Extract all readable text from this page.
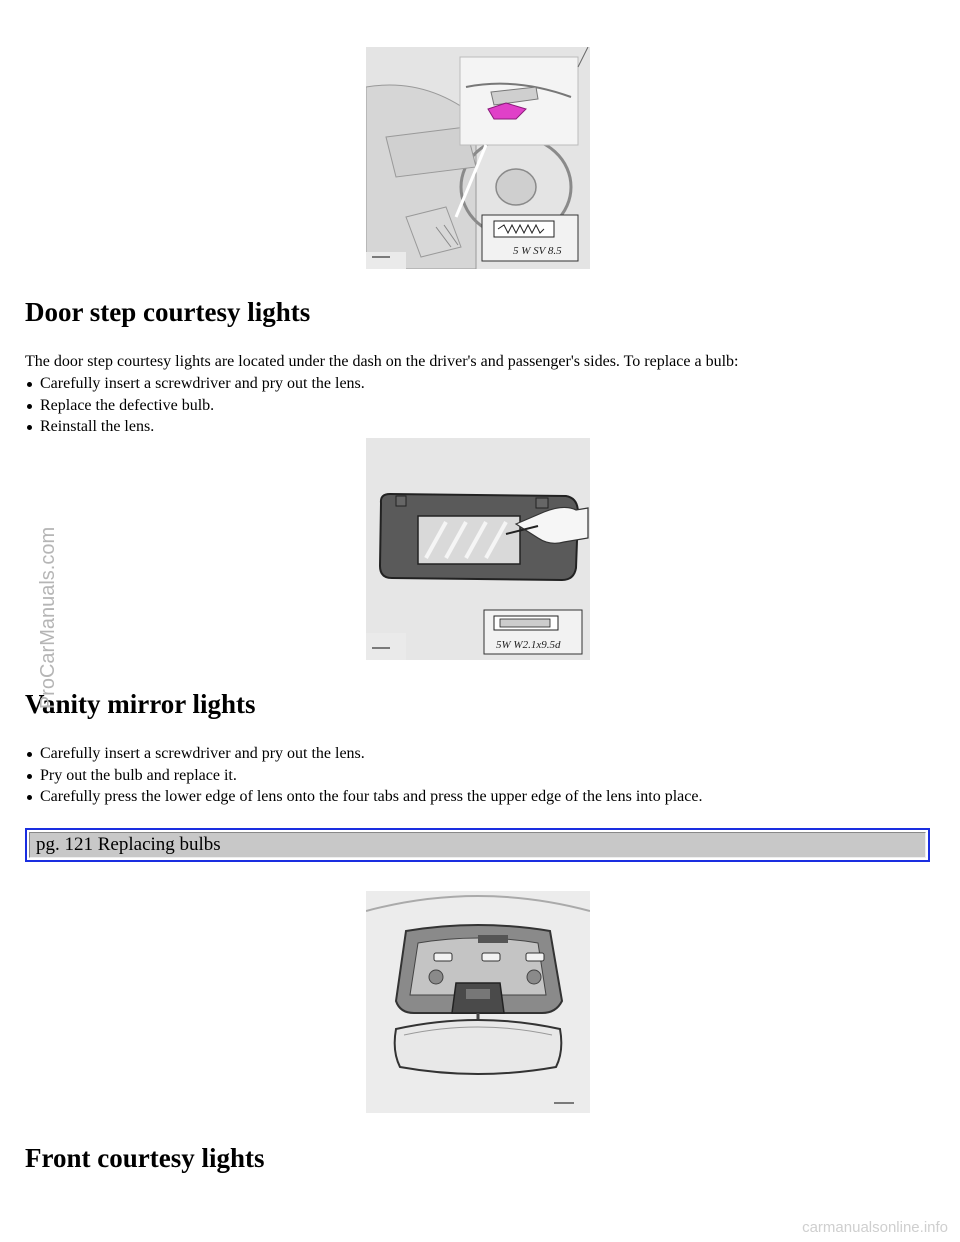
5 W SV 8.5
Door step courtesy lights

The door step courtesy lights are located under the dash on the driver's and passenger's sides. To replace a bulb:

Carefully insert a screwdriver and pry out the lens.
Replace the defective bulb.
Reinstall the lens.
5W W2.1x9.5d
Vanity mirror lights
Carefully insert a screwdriver and pry out the lens.
Pry out the bulb and replace it.
Carefully press the lower edge of lens onto the four tabs and press the upper edge of the lens into place.
pg. 121 Replacing bulbs
Front courtesy lights
ProCarManuals.com
carmanualsonline.info
